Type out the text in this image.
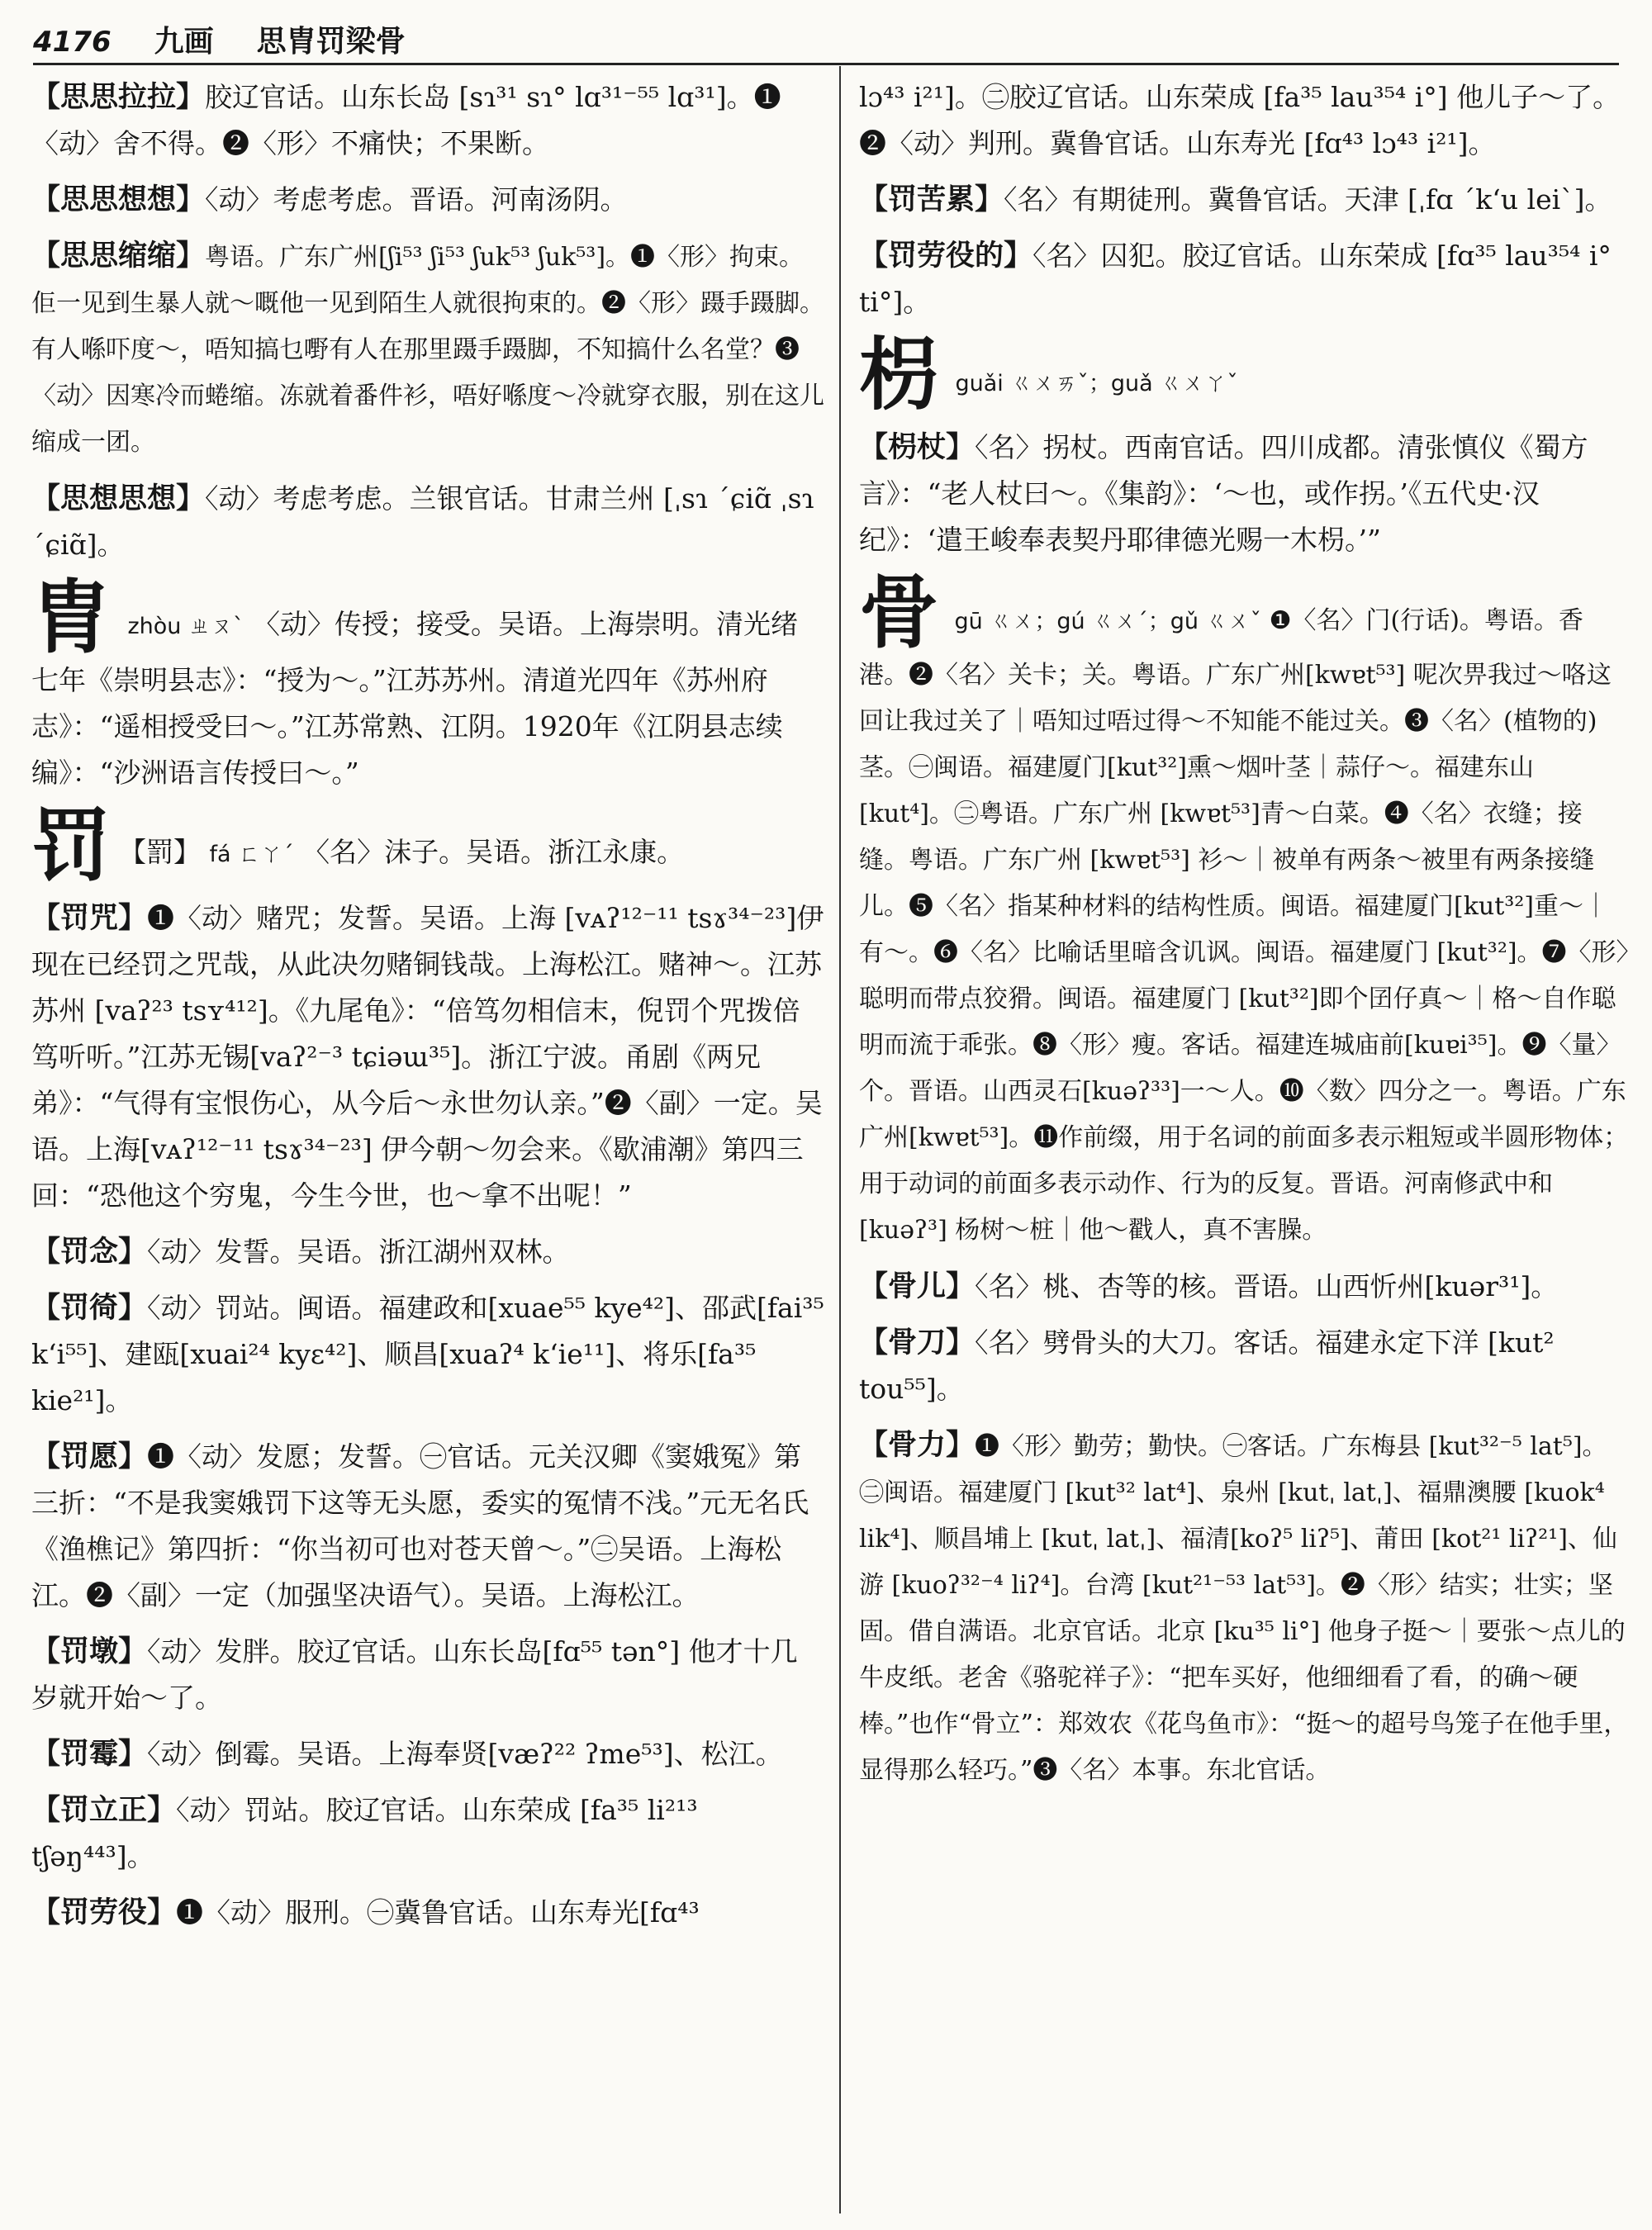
4176 九画 思胄罚梁骨

【 思思拉拉 】 胶辽官话。山东长岛 [sɿ³¹ sɿ° lɑ³¹⁻⁵⁵ lɑ³¹]。❶〈动〉舍不得。❷〈形〉不痛快；不果断。

【 思思想想 】 〈动〉考虑考虑。晋语。河南汤阴。

【 思思缩缩 】 粤语。广东广州[ʃi⁵³ ʃi⁵³ ʃuk⁵³ ʃuk⁵³]。❶〈形〉拘束。佢一见到生暴人就～嘅他一见到陌生人就很拘束的。❷〈形〉蹑手蹑脚。有人喺吓度～，唔知搞乜嘢有人在那里蹑手蹑脚，不知搞什么名堂？❸〈动〉因寒冷而蜷缩。冻就着番件衫，唔好喺度～冷就穿衣服，别在这儿缩成一团。

【 思想思想 】 〈动〉考虑考虑。兰银官话。甘肃兰州 [ˌsɿ ˊɕiɑ̃ ˌsɿ ˊɕiɑ̃]。

胄 zhòu ㄓㄡˋ 〈动〉传授；接受。吴语。上海崇明。清光绪七年《崇明县志》：“授为～。”江苏苏州。清道光四年《苏州府志》：“遥相授受曰～。”江苏常熟、江阴。1920年《江阴县志续编》：“沙洲语言传授曰～。”

罚 【罰】 fá ㄈㄚˊ 〈名〉沫子。吴语。浙江永康。

【 罚咒 】 ❶〈动〉赌咒；发誓。吴语。上海 [vᴀʔ¹²⁻¹¹ tsɤ³⁴⁻²³]伊现在已经罚之咒哉，从此决勿赌铜钱哉。上海松江。赌神～。江苏苏州 [vaʔ²³ tsʏ⁴¹²]。《九尾龟》：“倍笃勿相信末，倪罚个咒拨倍笃听听。”江苏无锡[vaʔ²⁻³ tɕiəɯ³⁵]。浙江宁波。甬剧《两兄弟》：“气得有宝恨伤心，从今后～永世勿认亲。”❷〈副〉一定。吴语。上海[vᴀʔ¹²⁻¹¹ tsɤ³⁴⁻²³] 伊今朝～勿会来。《歇浦潮》第四三回：“恐他这个穷鬼，今生今世，也～拿不出呢！”

【 罚念 】 〈动〉发誓。吴语。浙江湖州双林。

【 罚徛 】 〈动〉罚站。闽语。福建政和[xuae⁵⁵ kye⁴²]、邵武[fai³⁵ kʻi⁵⁵]、建瓯[xuai²⁴ kyɛ⁴²]、顺昌[xuaʔ⁴ kʻie¹¹]、将乐[fa³⁵ kie²¹]。

【 罚愿 】 ❶〈动〉发愿；发誓。㊀官话。元关汉卿《窦娥冤》第三折：“不是我窦娥罚下这等无头愿，委实的冤情不浅。”元无名氏《渔樵记》第四折：“你当初可也对苍天曾～。”㊁吴语。上海松江。❷〈副〉一定（加强坚决语气）。吴语。上海松江。

【 罚墩 】 〈动〉发胖。胶辽官话。山东长岛[fɑ⁵⁵ tən°] 他才十几岁就开始～了。

【 罚霉 】 〈动〉倒霉。吴语。上海奉贤[væʔ²² ʔme⁵³]、松江。

【 罚立正 】 〈动〉罚站。胶辽官话。山东荣成 [fa³⁵ li²¹³ tʃəŋ⁴⁴³]。

【 罚劳役 】 ❶〈动〉服刑。㊀冀鲁官话。山东寿光[fɑ⁴³

lɔ⁴³ i²¹]。㊁胶辽官话。山东荣成 [fa³⁵ lau³⁵⁴ i°] 他儿子～了。❷〈动〉判刑。冀鲁官话。山东寿光 [fɑ⁴³ lɔ⁴³ i²¹]。

【 罚苦累 】 〈名〉有期徒刑。冀鲁官话。天津 [ˌfɑ ˊkʻu leiˋ]。

【 罚劳役的 】 〈名〉囚犯。胶辽官话。山东荣成 [fɑ³⁵ lau³⁵⁴ i° ti°]。

枴 guǎi ㄍㄨㄞˇ；guǎ ㄍㄨㄚˇ

【 枴杖 】 〈名〉拐杖。西南官话。四川成都。清张慎仪《蜀方言》：“老人杖曰～。《集韵》：‘～也，或作拐。’《五代史·汉纪》：‘遣王峻奉表契丹耶律德光赐一木枴。’”

骨 gū ㄍㄨ；gú ㄍㄨˊ；gǔ ㄍㄨˇ ❶〈名〉门(行话)。粤语。香港。❷〈名〉关卡；关。粤语。广东广州[kwɐt⁵³] 呢次畀我过～咯这回让我过关了｜唔知过唔过得～不知能不能过关。❸〈名〉(植物的) 茎。㊀闽语。福建厦门[kut³²]熏～烟叶茎｜蒜仔～。福建东山 [kut⁴]。㊁粤语。广东广州 [kwɐt⁵³]青～白菜。❹〈名〉衣缝；接缝。粤语。广东广州 [kwɐt⁵³] 衫～｜被单有两条～被里有两条接缝儿。❺〈名〉指某种材料的结构性质。闽语。福建厦门[kut³²]重～｜有～。❻〈名〉比喻话里暗含讥讽。闽语。福建厦门 [kut³²]。❼〈形〉聪明而带点狡猾。闽语。福建厦门 [kut³²]即个囝仔真～｜格～自作聪明而流于乖张。❽〈形〉瘦。客话。福建连城庙前[kuɐi³⁵]。❾〈量〉个。晋语。山西灵石[kuəʔ³³]一～人。❿〈数〉四分之一。粤语。广东广州[kwɐt⁵³]。⓫作前缀，用于名词的前面多表示粗短或半圆形物体；用于动词的前面多表示动作、行为的反复。晋语。河南修武中和[kuəʔ³] 杨树～桩｜他～戳人，真不害臊。

【 骨儿 】 〈名〉桃、杏等的核。晋语。山西忻州[kuər³¹]。

【 骨刀 】 〈名〉劈骨头的大刀。客话。福建永定下洋 [kut² tou⁵⁵]。

【 骨力 】 ❶〈形〉勤劳；勤快。㊀客话。广东梅县 [kut³²⁻⁵ lat⁵]。㊁闽语。福建厦门 [kut³² lat⁴]、泉州 [kutˌ latˌ]、福鼎澳腰 [kuok⁴ lik⁴]、顺昌埔上 [kutˌ latˌ]、福清[koʔ⁵ liʔ⁵]、莆田 [kot²¹ liʔ²¹]、仙游 [kuoʔ³²⁻⁴ liʔ⁴]。台湾 [kut²¹⁻⁵³ lat⁵³]。❷〈形〉结实；壮实；坚固。借自满语。北京官话。北京 [ku³⁵ li°] 他身子挺～｜要张～点儿的牛皮纸。老舍《骆驼祥子》：“把车买好，他细细看了看，的确～硬棒。”也作“骨立”：郑效农《花鸟鱼市》：“挺～的超号鸟笼子在他手里，显得那么轻巧。”❸〈名〉本事。东北官话。
